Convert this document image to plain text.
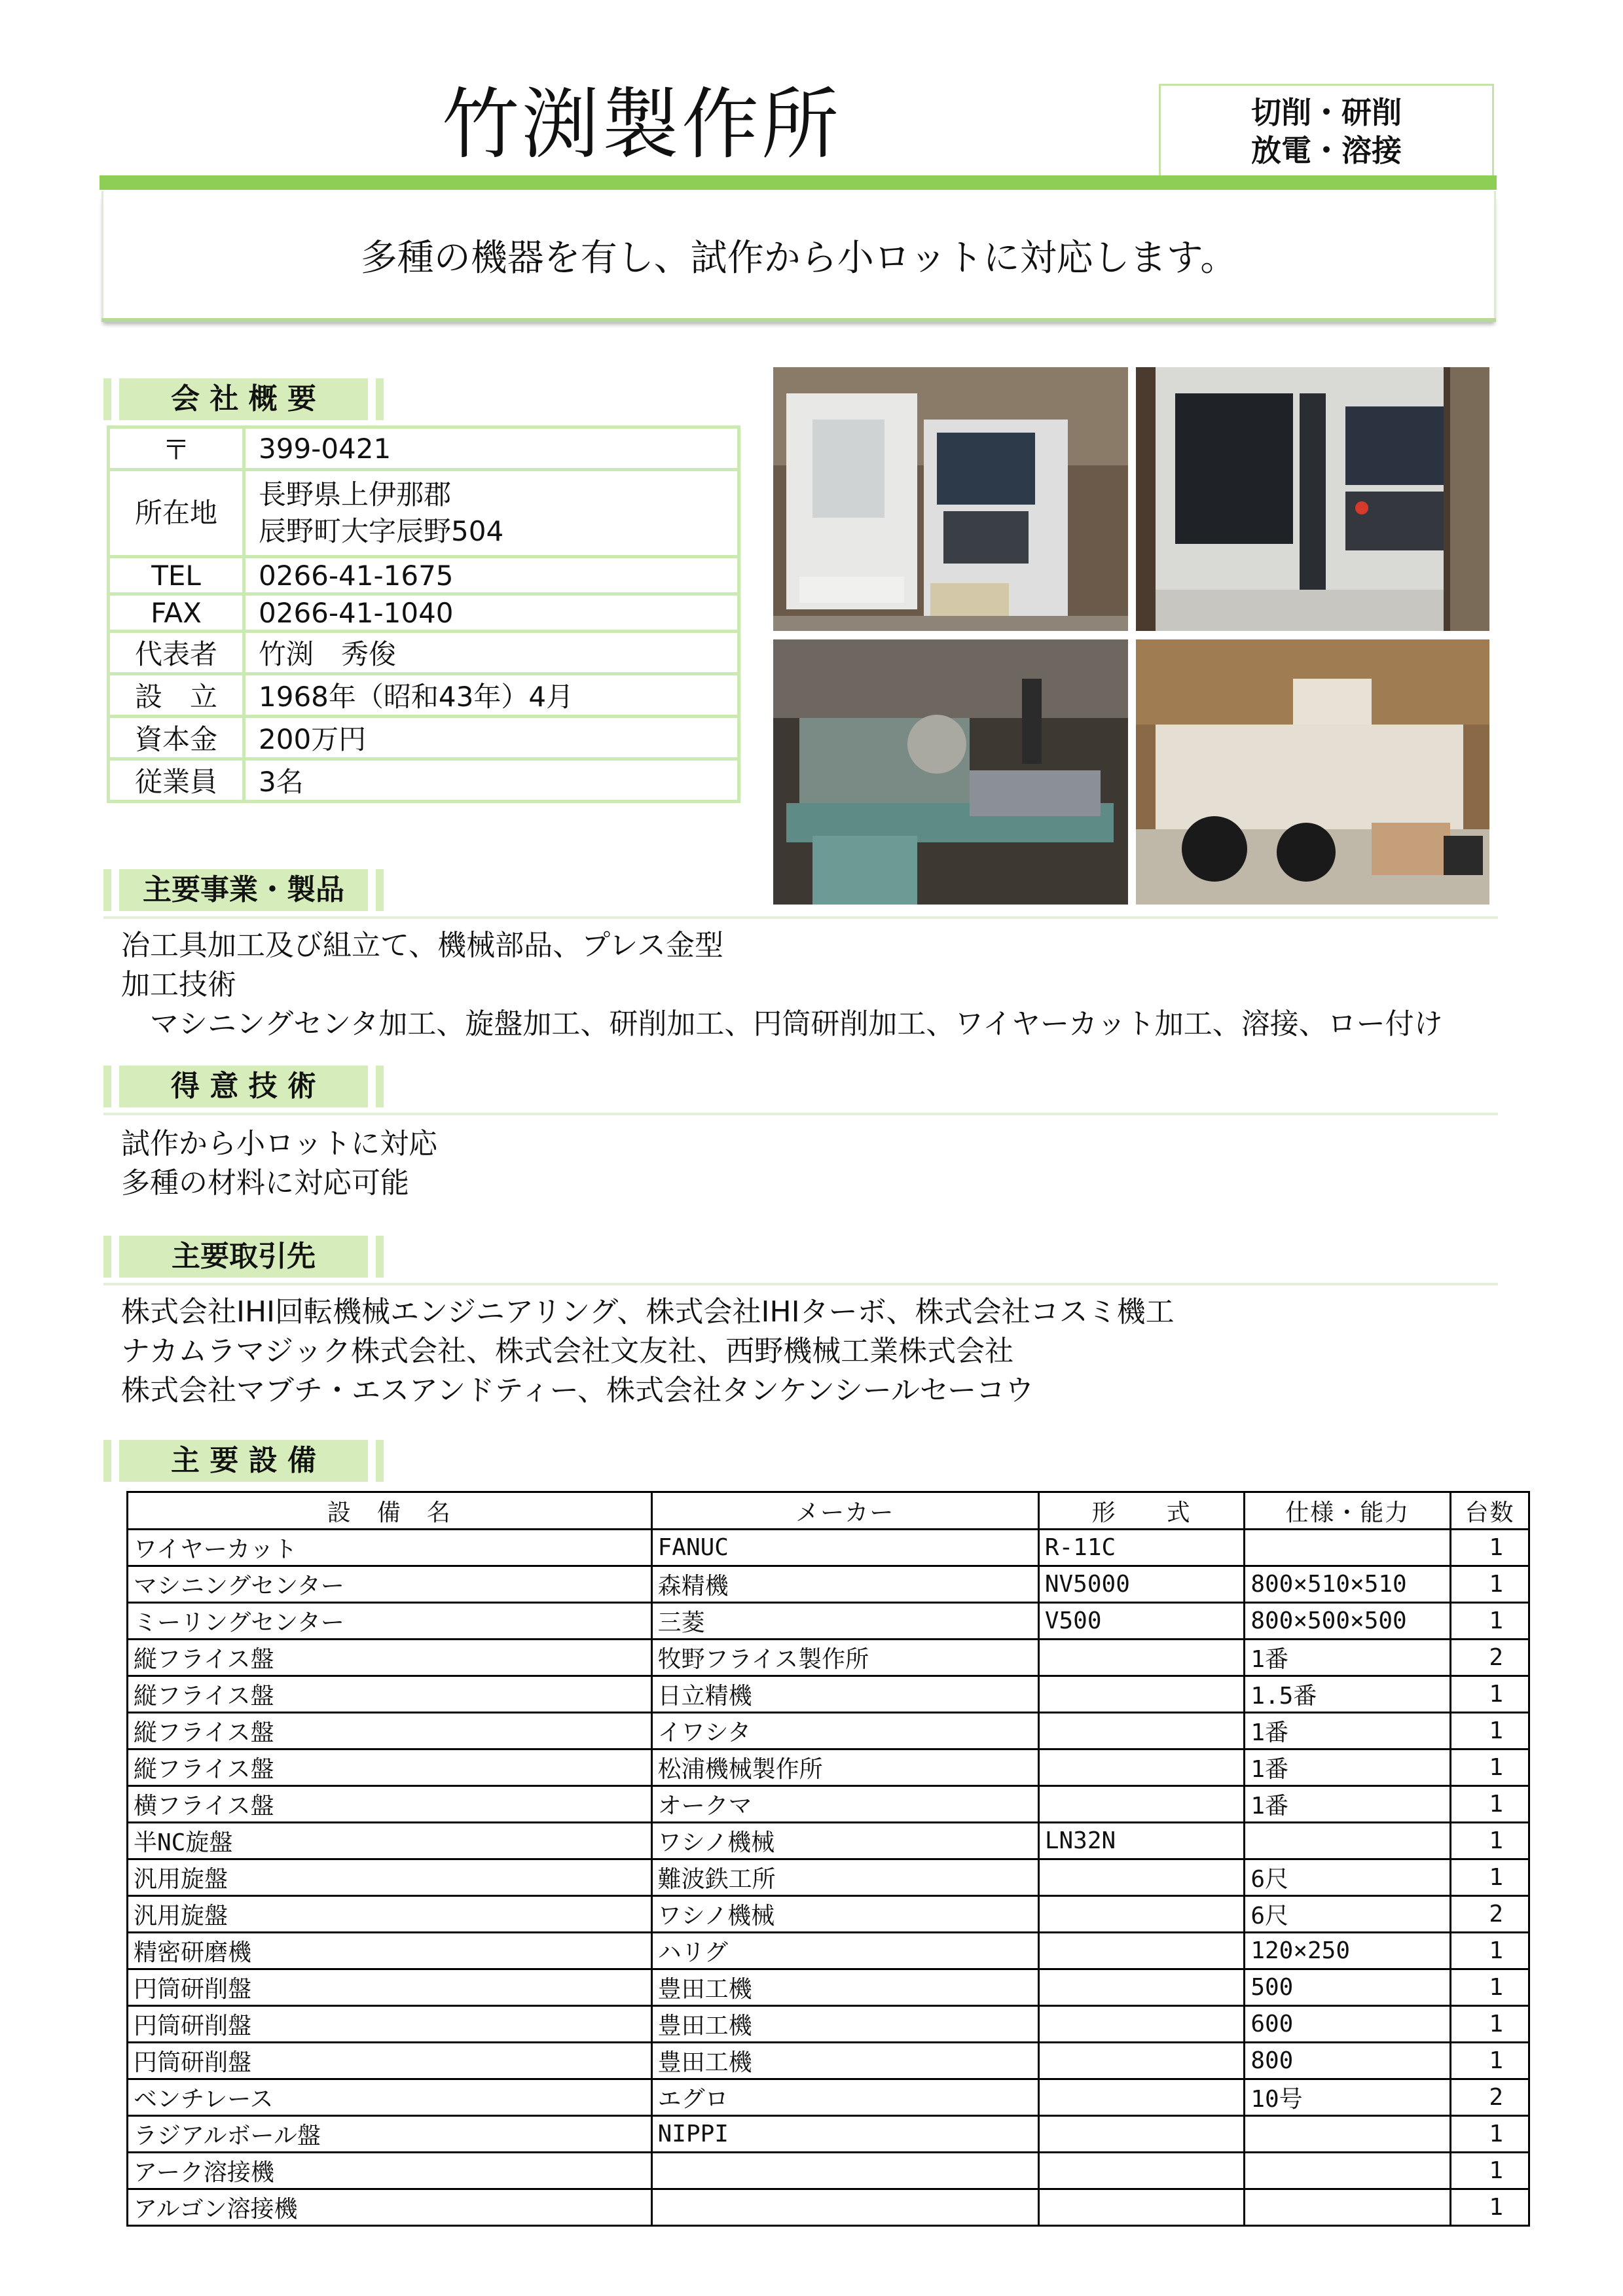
竹渕製作所	切削・研削
放電・溶接
多種の機器を有し、試作から小ロットに対応します。
会 社 概 要
〒	399-0421
所在地	長野県上伊那郡
辰野町大字辰野504

TEL	0266-41-1675
FAX	0266-41-1040
代表者	竹渕　秀俊
設　立	1968年（昭和43年）4月
資本金	200万円
従業員	3名
主要事業・製品
冶工具加工及び組立て、機械部品、プレス金型
加工技術
　マシニングセンタ加工、旋盤加工、研削加工、円筒研削加工、ワイヤーカット加工、溶接、ロー付け
得 意 技 術
試作から小ロットに対応
多種の材料に対応可能
主要取引先
株式会社IHI回転機械エンジニアリング、株式会社IHIターボ、株式会社コスミ機工
ナカムラマジック株式会社、株式会社文友社、西野機械工業株式会社
株式会社マブチ・エスアンドティー、株式会社タンケンシールセーコウ
主 要 設 備
設　備　名	メーカー	形　　式	仕様・能力	台数
ワイヤーカット	FANUC	R-11C		1
マシニングセンター	森精機	NV5000	800×510×510	1
ミーリングセンター	三菱	V500	800×500×500	1
縦フライス盤	牧野フライス製作所		1番	2
縦フライス盤	日立精機		1.5番	1
縦フライス盤	イワシタ		1番	1
縦フライス盤	松浦機械製作所		1番	1
横フライス盤	オークマ		1番	1
半NC旋盤	ワシノ機械	LN32N		1
汎用旋盤	難波鉄工所		6尺	1
汎用旋盤	ワシノ機械		6尺	2
精密研磨機	ハリグ		120×250	1
円筒研削盤	豊田工機		500	1
円筒研削盤	豊田工機		600	1
円筒研削盤	豊田工機		800	1
ベンチレース	エグロ		10号	2
ラジアルボール盤	NIPPI			1
アーク溶接機				1
アルゴン溶接機				1
